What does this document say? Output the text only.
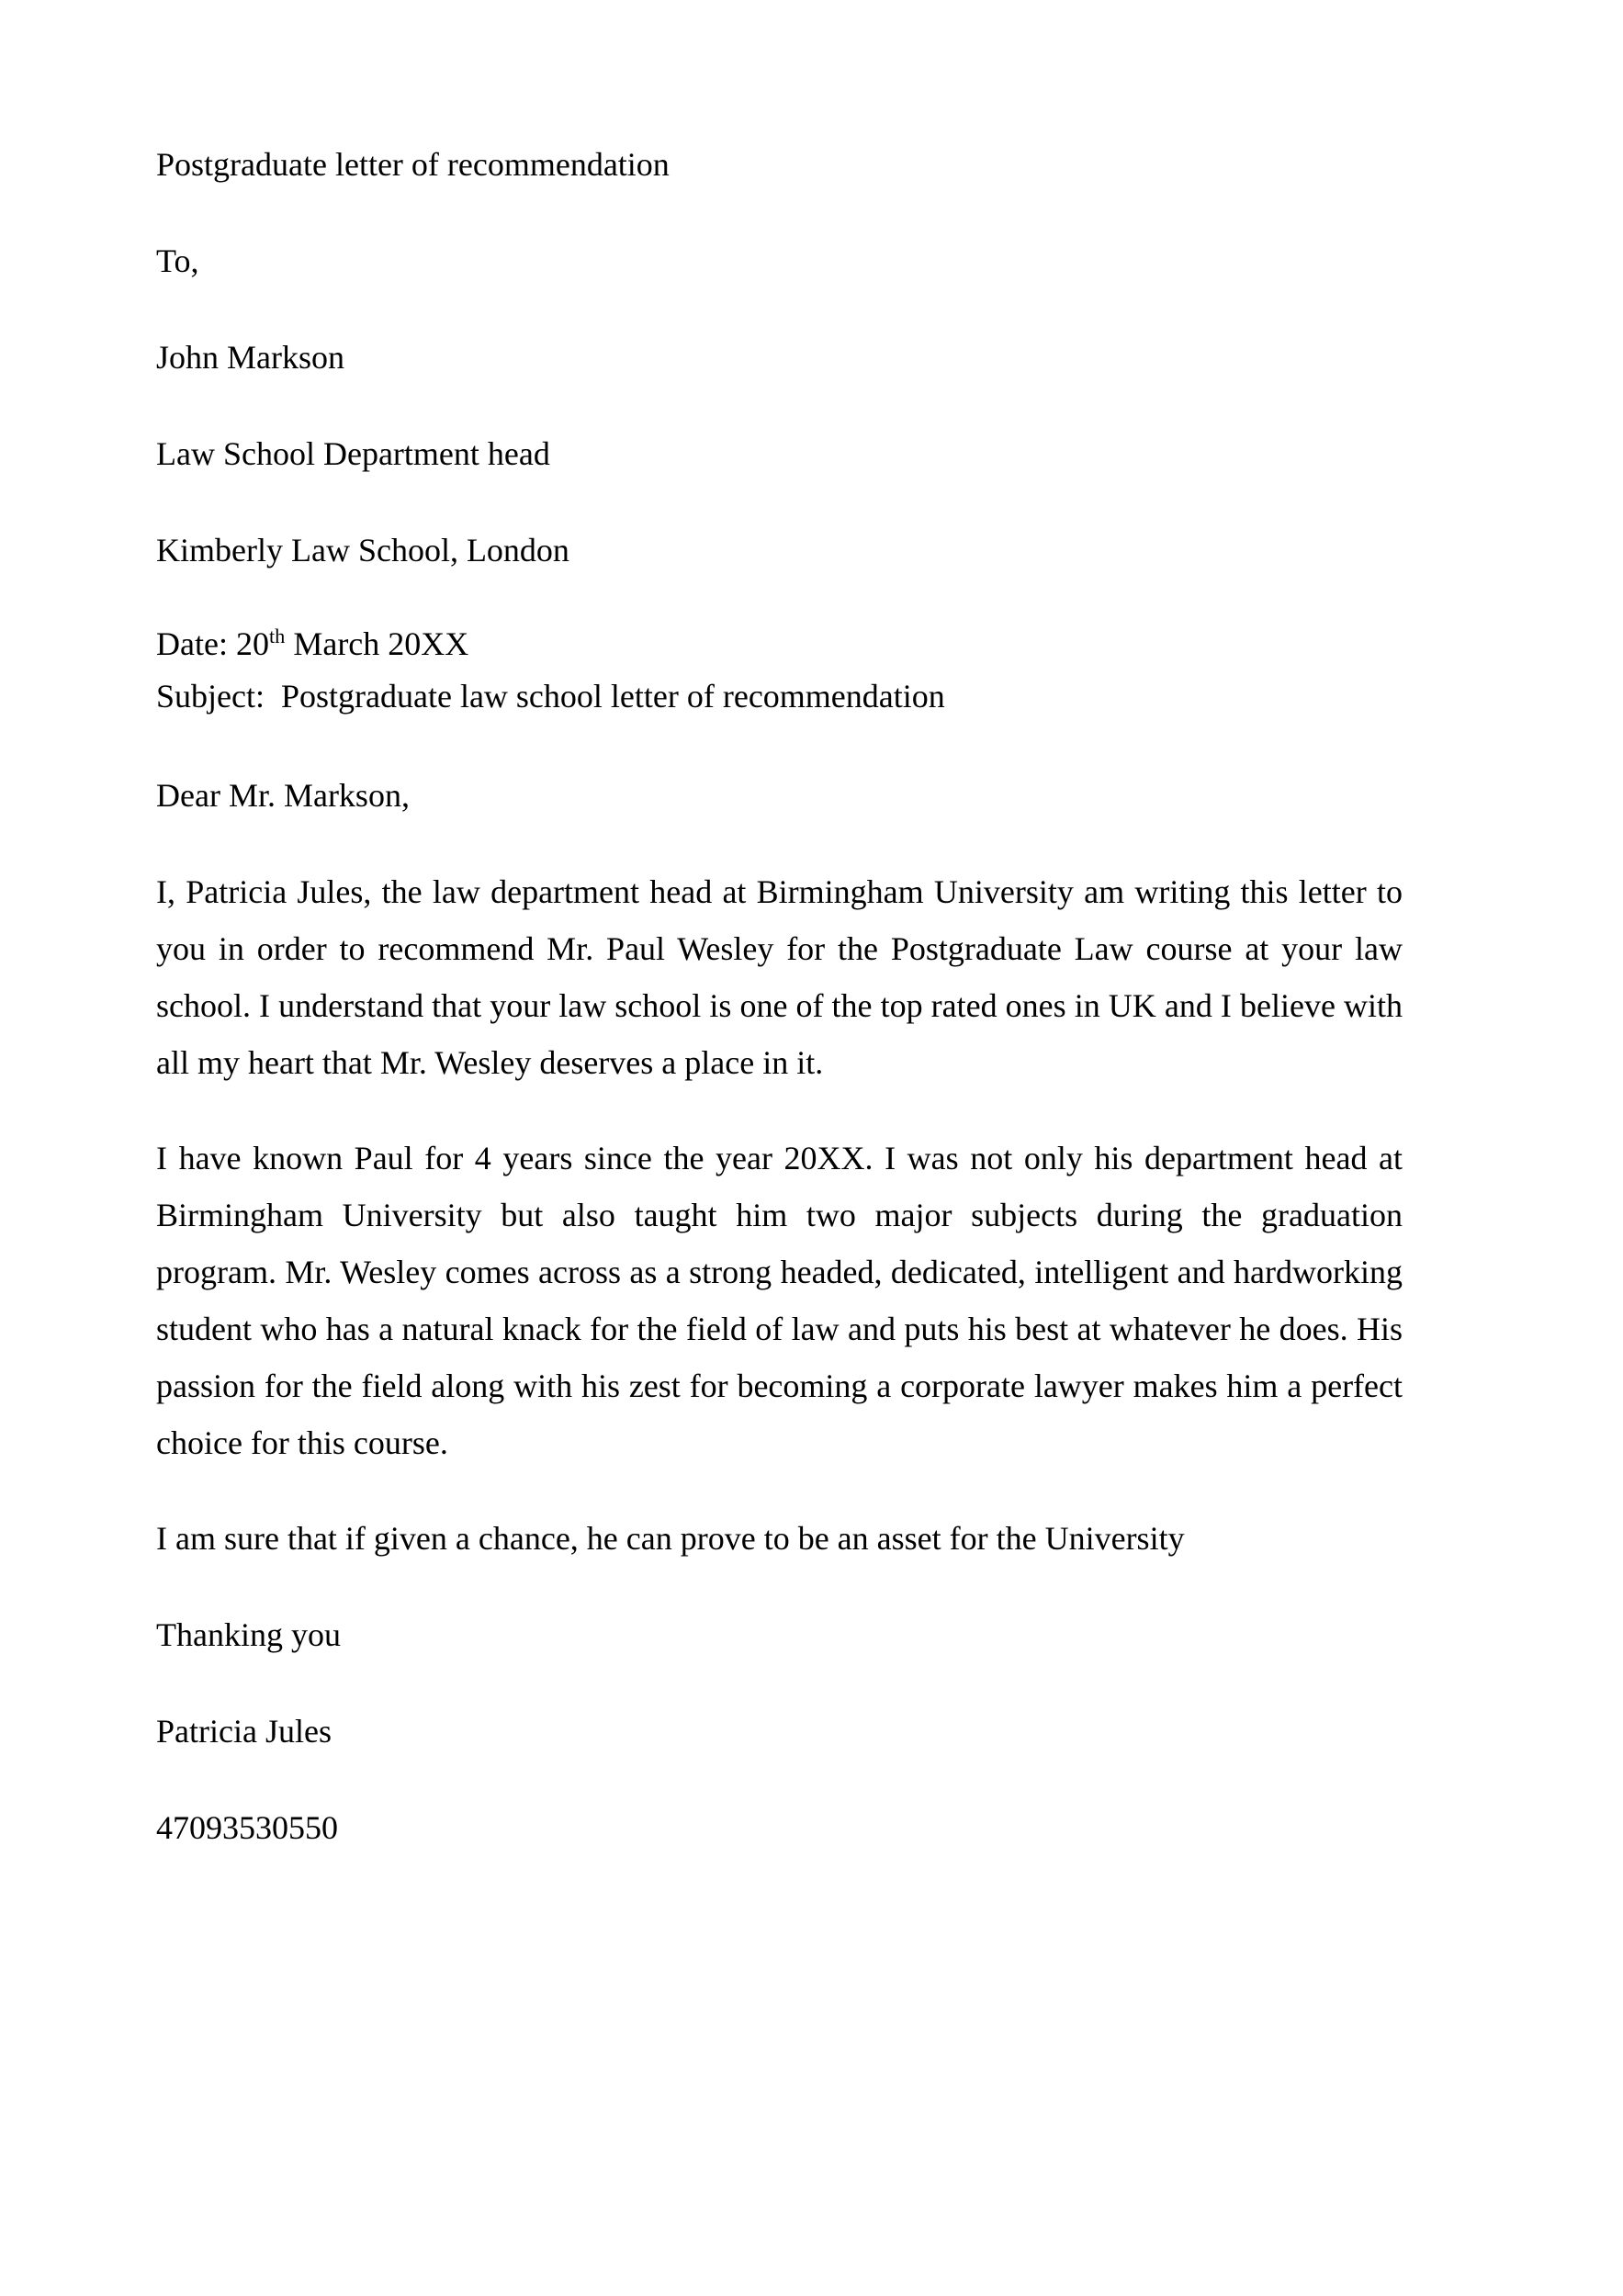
Postgraduate letter of recommendation

To,

John Markson

Law School Department head

Kimberly Law School, London

Date: 20th March 20XX
Subject:  Postgraduate law school letter of recommendation

Dear Mr. Markson,

I, Patricia Jules, the law department head at Birmingham University am writing this letter to you in order to recommend Mr. Paul Wesley for the Postgraduate Law course at your law school. I understand that your law school is one of the top rated ones in UK and I believe with all my heart that Mr. Wesley deserves a place in it.

I have known Paul for 4 years since the year 20XX. I was not only his department head at Birmingham University but also taught him two major subjects during the graduation program. Mr. Wesley comes across as a strong headed, dedicated, intelligent and hardworking student who has a natural knack for the field of law and puts his best at whatever he does. His passion for the field along with his zest for becoming a corporate lawyer makes him a perfect choice for this course.

I am sure that if given a chance, he can prove to be an asset for the University

Thanking you

Patricia Jules

47093530550
